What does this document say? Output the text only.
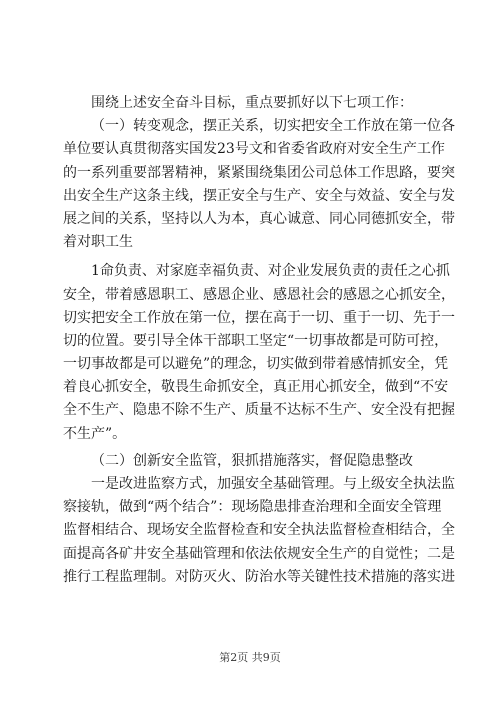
围绕上述安全奋斗目标，重点要抓好以下七项工作：
（一）转变观念，摆正关系，切实把安全工作放在第一位各
单位要认真贯彻落实国发23号文和省委省政府对安全生产工作
的一系列重要部署精神，紧紧围绕集团公司总体工作思路，要突
出安全生产这条主线，摆正安全与生产、安全与效益、安全与发
展之间的关系，坚持以人为本，真心诚意、同心同德抓安全，带
着对职工生
1命负责、对家庭幸福负责、对企业发展负责的责任之心抓
安全，带着感恩职工、感恩企业、感恩社会的感恩之心抓安全，
切实把安全工作放在第一位，摆在高于一切、重于一切、先于一
切的位置。要引导全体干部职工坚定“一切事故都是可防可控，
一切事故都是可以避免”的理念，切实做到带着感情抓安全，凭
着良心抓安全，敬畏生命抓安全，真正用心抓安全，做到“不安
全不生产、隐患不除不生产、质量不达标不生产、安全没有把握
不生产”。
（二）创新安全监管，狠抓措施落实，督促隐患整改
一是改进监察方式，加强安全基础管理。与上级安全执法监
察接轨，做到“两个结合”：现场隐患排查治理和全面安全管理
监督相结合、现场安全监督检查和安全执法监督检查相结合，全
面提高各矿井安全基础管理和依法依规安全生产的自觉性；二是
推行工程监理制。对防灭火、防治水等关键性技术措施的落实进
第2页 共9页
